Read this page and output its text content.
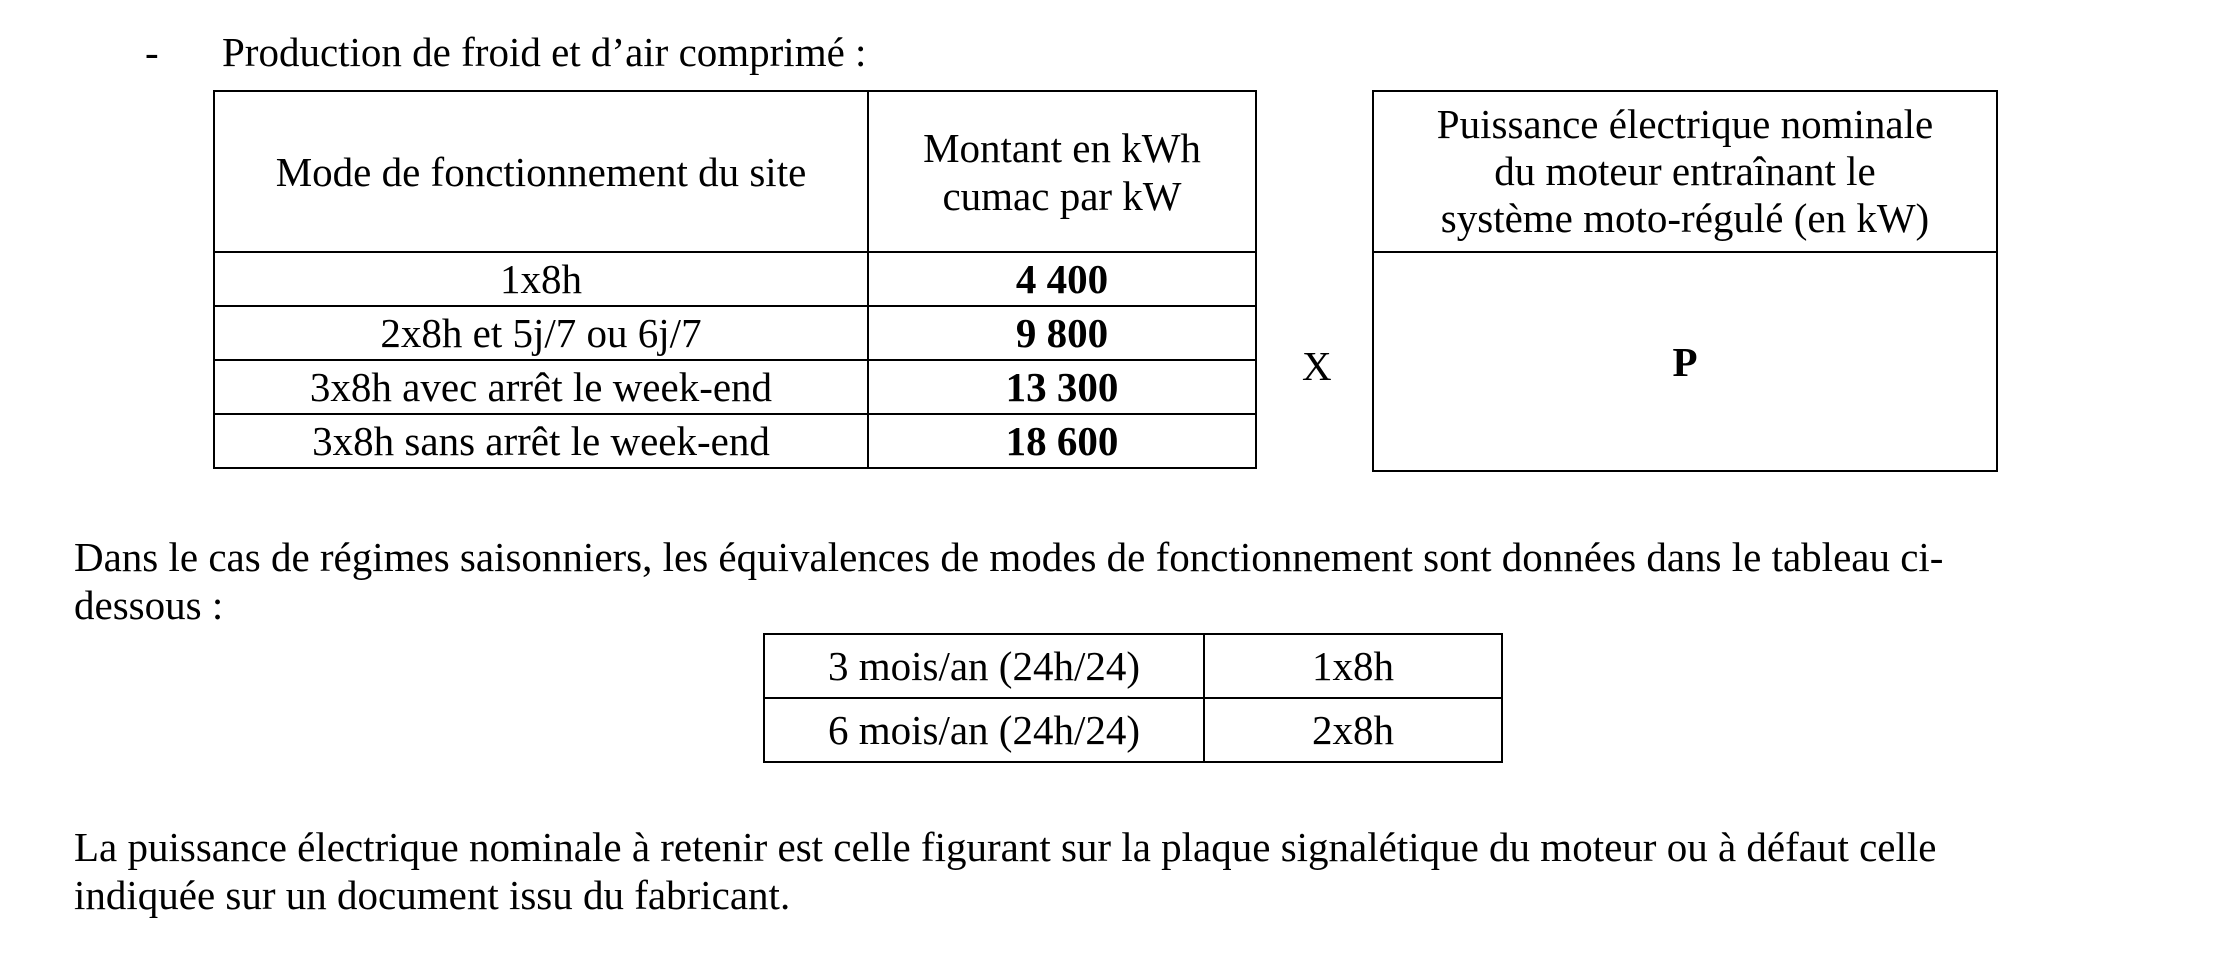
- Production de froid et d’air comprimé :
Mode de fonctionnement du site	Montant en kWh
cumac par kW

1x8h	4 400
2x8h et 5j/7 ou 6j/7	9 800
3x8h avec arrêt le week-end	13 300
3x8h sans arrêt le week-end	18 600
X
Puissance électrique nominale
du moteur entraînant le
système moto-régulé (en kW)

P
Dans le cas de régimes saisonniers, les équivalences de modes de fonctionnement sont données dans le tableau ci-
dessous :
3 mois/an (24h/24)	1x8h
6 mois/an (24h/24)	2x8h
La puissance électrique nominale à retenir est celle figurant sur la plaque signalétique du moteur ou à défaut celle
indiquée sur un document issu du fabricant.
